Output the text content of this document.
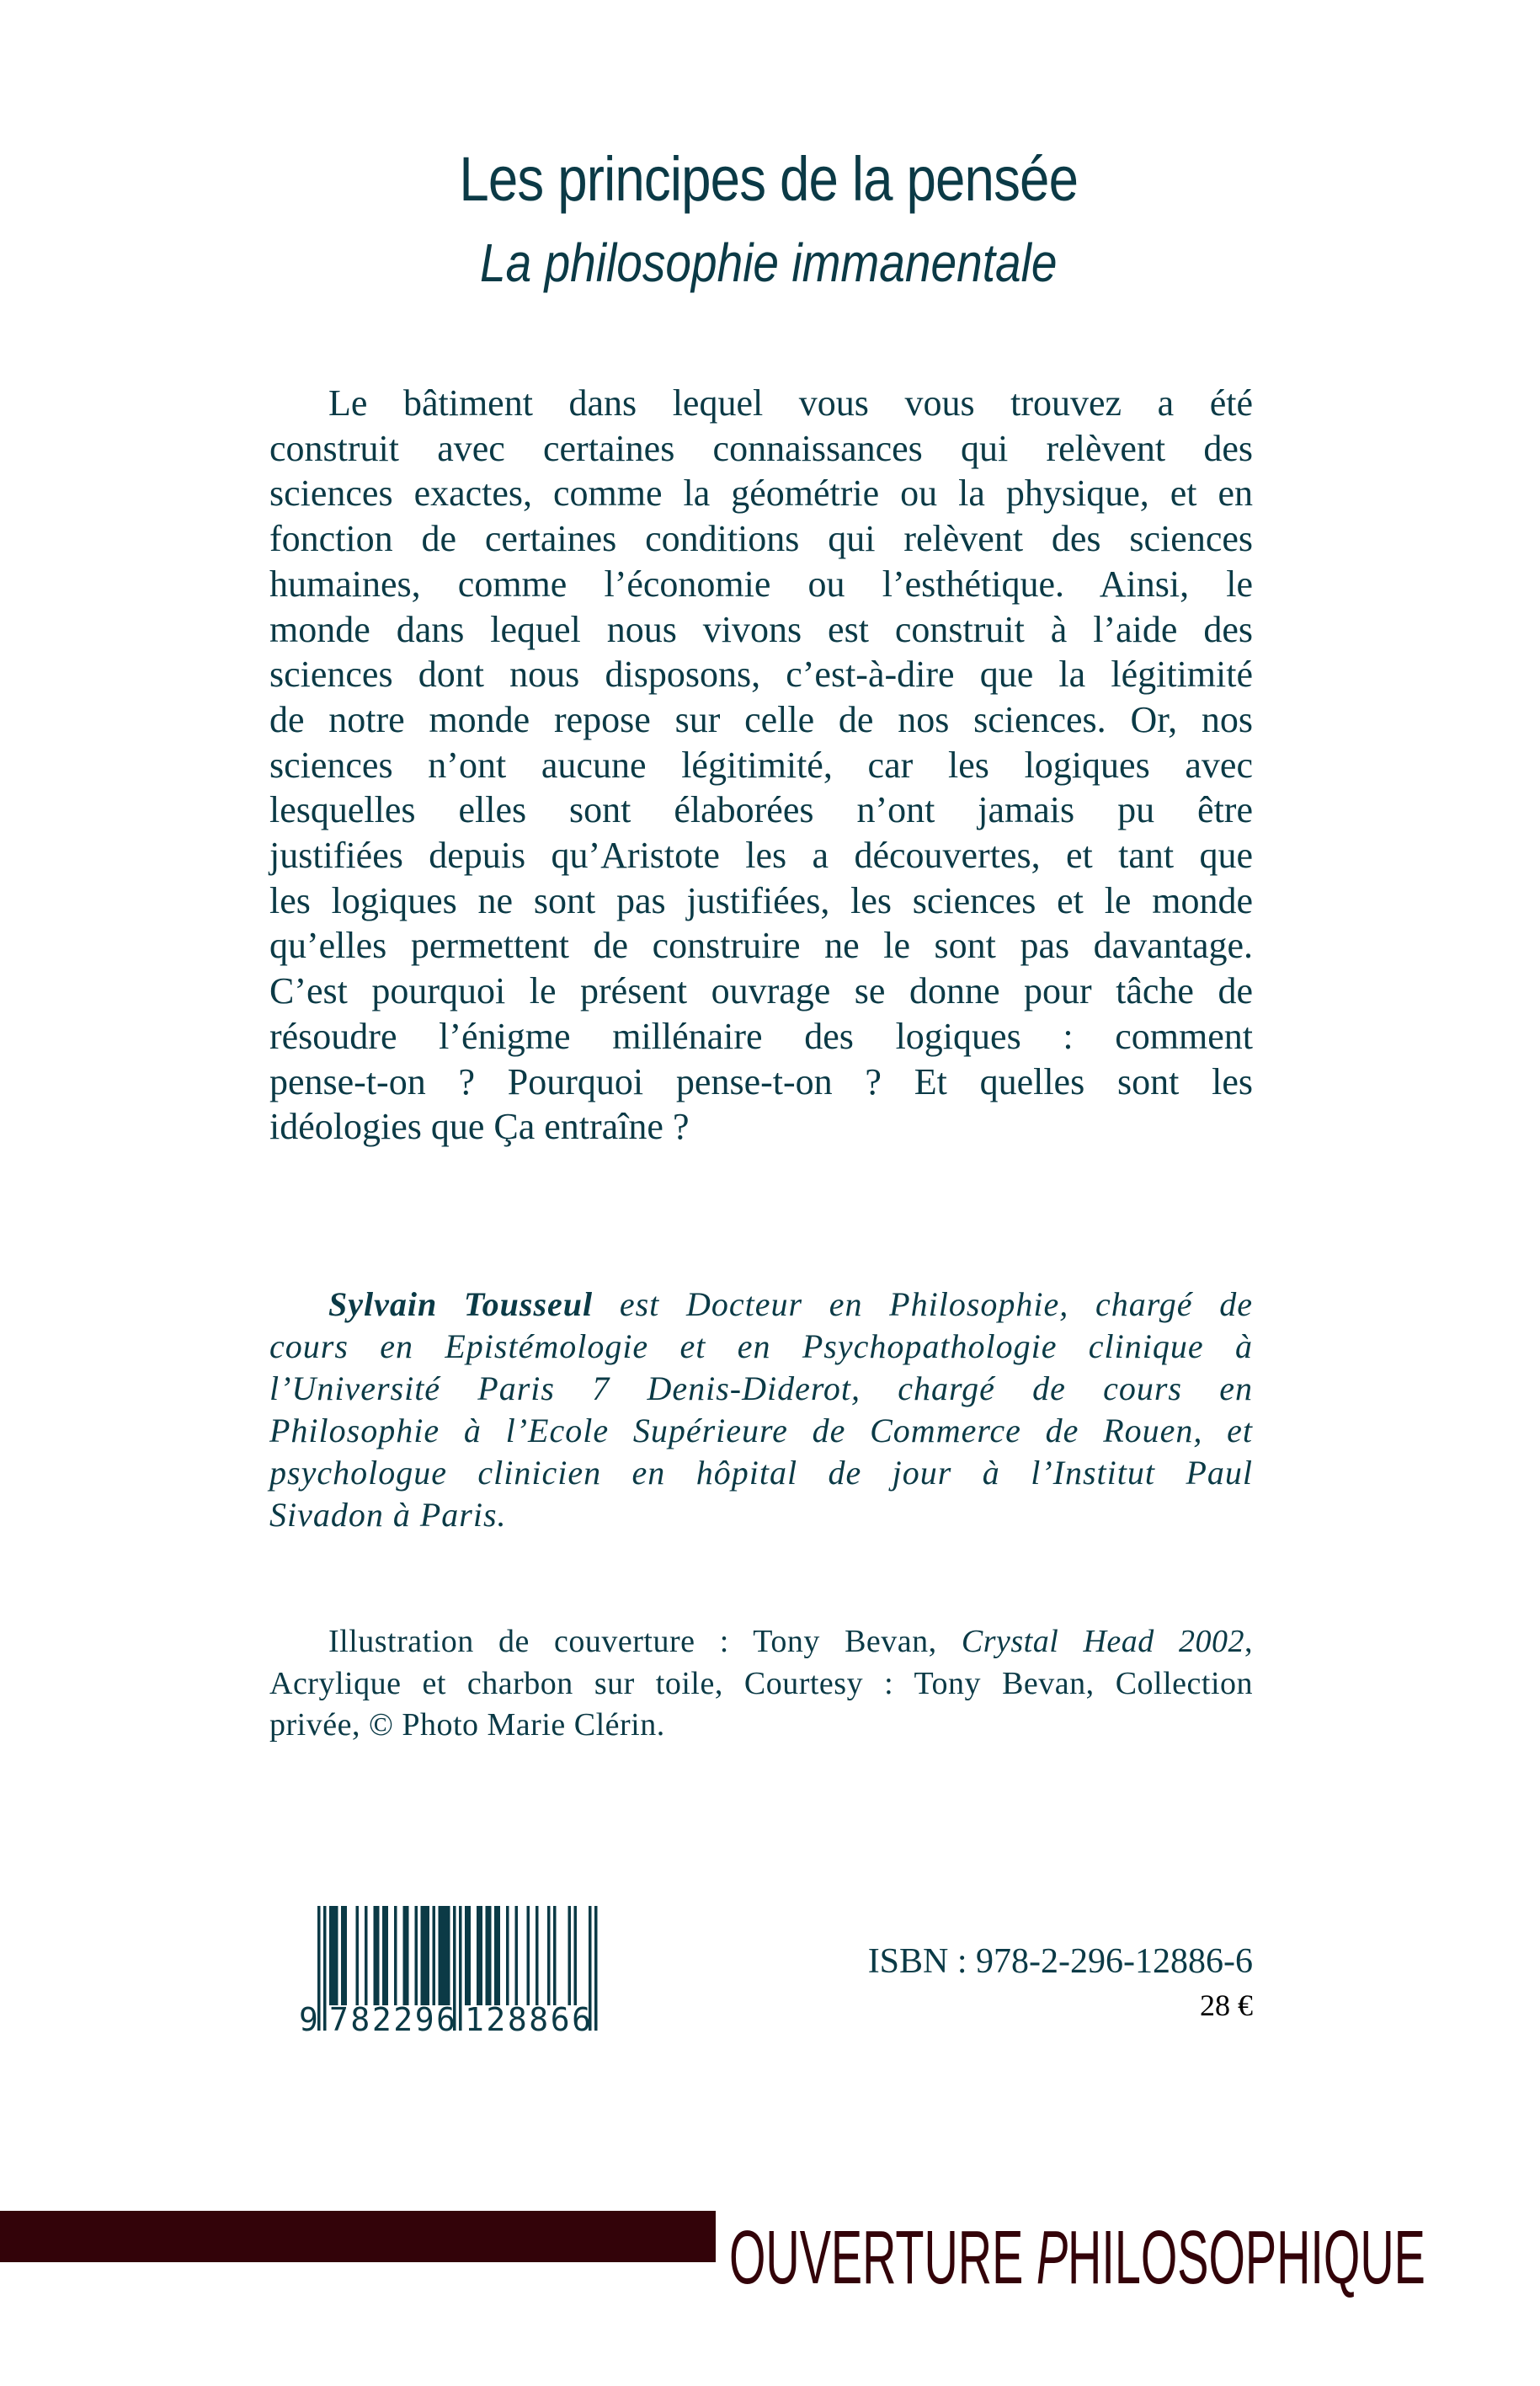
Les principes de la pensée
La philosophie immanentale
Le bâtiment dans lequel vous vous trouvez a été
construit avec certaines connaissances qui relèvent des
sciences exactes, comme la géométrie ou la physique, et en
fonction de certaines conditions qui relèvent des sciences
humaines, comme l’économie ou l’esthétique. Ainsi, le
monde dans lequel nous vivons est construit à l’aide des
sciences dont nous disposons, c’est-à-dire que la légitimité
de notre monde repose sur celle de nos sciences. Or, nos
sciences n’ont aucune légitimité, car les logiques avec
lesquelles elles sont élaborées n’ont jamais pu être
justifiées depuis qu’Aristote les a découvertes, et tant que
les logiques ne sont pas justifiées, les sciences et le monde
qu’elles permettent de construire ne le sont pas davantage.
C’est pourquoi le présent ouvrage se donne pour tâche de
résoudre l’énigme millénaire des logiques : comment
pense-t-on ? Pourquoi pense-t-on ? Et quelles sont les
idéologies que Ça entraîne ?
Sylvain Tousseul est Docteur en Philosophie, chargé de
cours en Epistémologie et en Psychopathologie clinique à
l’Université Paris 7 Denis-Diderot, chargé de cours en
Philosophie à l’Ecole Supérieure de Commerce de Rouen, et
psychologue clinicien en hôpital de jour à l’Institut Paul
Sivadon à Paris.
Illustration de couverture : Tony Bevan, Crystal Head 2002,
Acrylique et charbon sur toile, Courtesy : Tony Bevan, Collection
privée, © Photo Marie Clérin.
9 782296 128866
ISBN : 978-2-296-12886-6
28 €
OUVERTURE PHILOSOPHIQUE
